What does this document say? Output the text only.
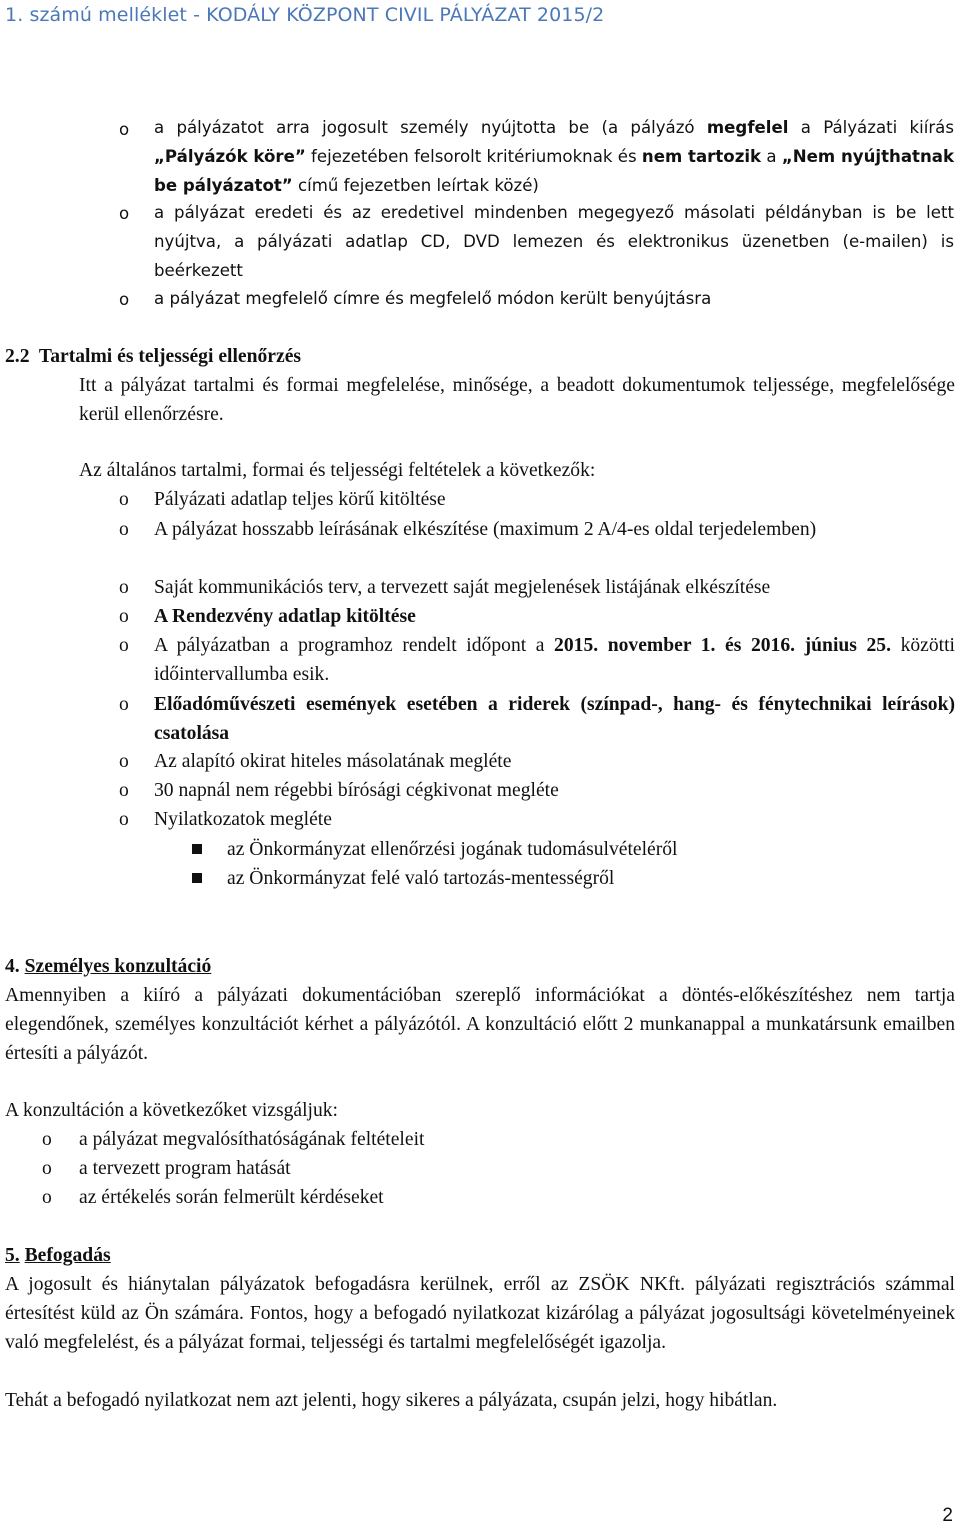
1. számú melléklet - KODÁLY KÖZPONT CIVIL PÁLYÁZAT 2015/2
o a pályázatot arra jogosult személy nyújtotta be (a pályázó megfelel a Pályázati kiírás „Pályázók köre” fejezetében felsorolt kritériumoknak és nem tartozik a „Nem nyújthatnak be pályázatot” című fejezetben leírtak közé)
o a pályázat eredeti és az eredetivel mindenben megegyező másolati példányban is be lett nyújtva, a pályázati adatlap CD, DVD lemezen és elektronikus üzenetben (e-mailen) is beérkezett
o a pályázat megfelelő címre és megfelelő módon került benyújtásra
2.2  Tartalmi és teljességi ellenőrzés
Itt a pályázat tartalmi és formai megfelelése, minősége, a beadott dokumentumok teljessége, megfelelősége kerül ellenőrzésre.
Az általános tartalmi, formai és teljességi feltételek a következők:
o Pályázati adatlap teljes körű kitöltése
o A pályázat hosszabb leírásának elkészítése (maximum 2 A/4-es oldal terjedelemben)
o Saját kommunikációs terv, a tervezett saját megjelenések listájának elkészítése
o A Rendezvény adatlap kitöltése
o A pályázatban a programhoz rendelt időpont a 2015. november 1. és 2016. június 25. közötti időintervallumba esik.
o Előadóművészeti események esetében a riderek (színpad-, hang- és fénytechnikai leírások) csatolása
o Az alapító okirat hiteles másolatának megléte
o 30 napnál nem régebbi bírósági cégkivonat megléte
o Nyilatkozatok megléte
az Önkormányzat ellenőrzési jogának tudomásulvételéről
az Önkormányzat felé való tartozás-mentességről
4. Személyes konzultáció
Amennyiben a kiíró a pályázati dokumentációban szereplő információkat a döntés-előkészítéshez nem tartja elegendőnek, személyes konzultációt kérhet a pályázótól. A konzultáció előtt 2 munkanappal a munkatársunk emailben értesíti a pályázót.
A konzultáción a következőket vizsgáljuk:
o a pályázat megvalósíthatóságának feltételeit
o a tervezett program hatását
o az értékelés során felmerült kérdéseket
5. Befogadás
A jogosult és hiánytalan pályázatok befogadásra kerülnek, erről az ZSÖK NKft. pályázati regisztrációs számmal értesítést küld az Ön számára. Fontos, hogy a befogadó nyilatkozat kizárólag a pályázat jogosultsági követelményeinek való megfelelést, és a pályázat formai, teljességi és tartalmi megfelelőségét igazolja.
Tehát a befogadó nyilatkozat nem azt jelenti, hogy sikeres a pályázata, csupán jelzi, hogy hibátlan.
2
